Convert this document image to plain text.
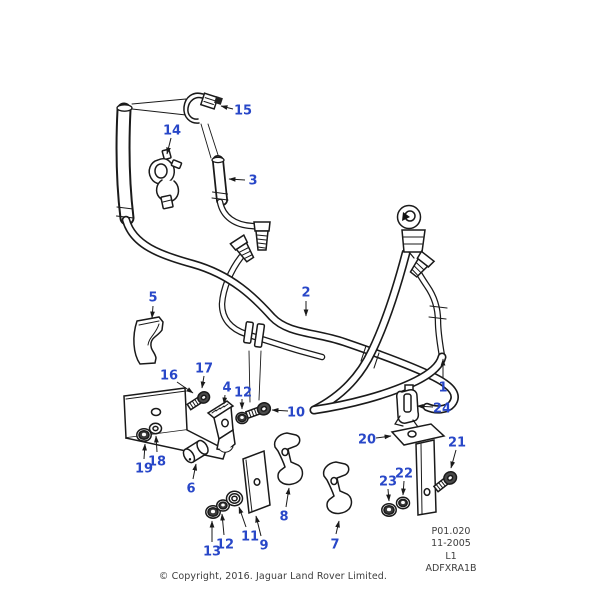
15
14
3
2
5
1
16 17
4 12
10	24
20	21
19
18
6	23
22
8
13
12
11
9	7
© Copyright, 2016. Jaguar Land Rover Limited.
P01.020
11-2005
L1
ADFXRA1B
